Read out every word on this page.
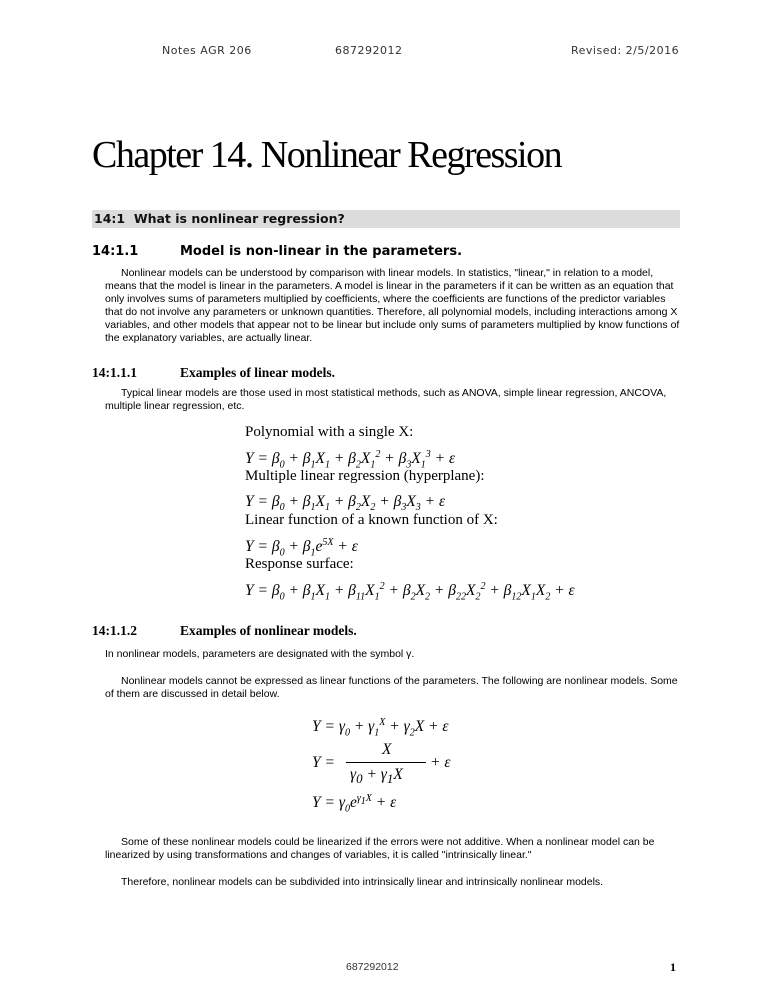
Notes AGR 206	687292012	Revised: 2/5/2016
Chapter 14. Nonlinear Regression
14:1 What is nonlinear regression?
14:1.1	Model is non-linear in the parameters.
Nonlinear models can be understood by comparison with linear models. In statistics, "linear," in relation to a model, means that the model is linear in the parameters. A model is linear in the parameters if it can be written as an equation that only involves sums of parameters multiplied by coefficients, where the coefficients are functions of the predictor variables that do not involve any parameters or unknown quantities. Therefore, all polynomial models, including interactions among X variables, and other models that appear not to be linear but include only sums of parameters multiplied by know functions of the explanatory variables, are actually linear.
14:1.1.1	Examples of linear models.
Typical linear models are those used in most statistical methods, such as ANOVA, simple linear regression, ANCOVA, multiple linear regression, etc.
Polynomial with a single X:
Multiple linear regression (hyperplane):
Linear function of a known function of X:
Response surface:
$Y = \beta_0 + \beta_1X_1 + \beta_2X_1^2 + \beta_3X_1^3 + \varepsilon$
$Y = \beta_0 + \beta_1X_1 + \beta_2X_2 + \beta_3X_3 + \varepsilon$
$Y = \beta_0 + \beta_1e^{5X} + \varepsilon$
$Y = \beta_0 + \beta_1X_1 + \beta_{11}X_1^2 + \beta_2X_2 + \beta_{22}X_2^2 + \beta_{12}X_1X_2 + \varepsilon$
14:1.1.2	Examples of nonlinear models.
In nonlinear models, parameters are designated with the symbol γ.
Nonlinear models cannot be expressed as linear functions of the parameters. The following are nonlinear models. Some of them are discussed in detail below.
$Y = \gamma_0 + \gamma_1^X + \gamma_2X + \varepsilon$
Y =
X
$\gamma_0 + \gamma_1X$
+ ε
$Y = \gamma_0e^{\gamma_1X} + \varepsilon$
Some of these nonlinear models could be linearized if the errors were not additive. When a nonlinear model can be linearized by using transformations and changes of variables, it is called "intrinsically linear."
Therefore, nonlinear models can be subdivided into intrinsically linear and intrinsically nonlinear models.
687292012	1
